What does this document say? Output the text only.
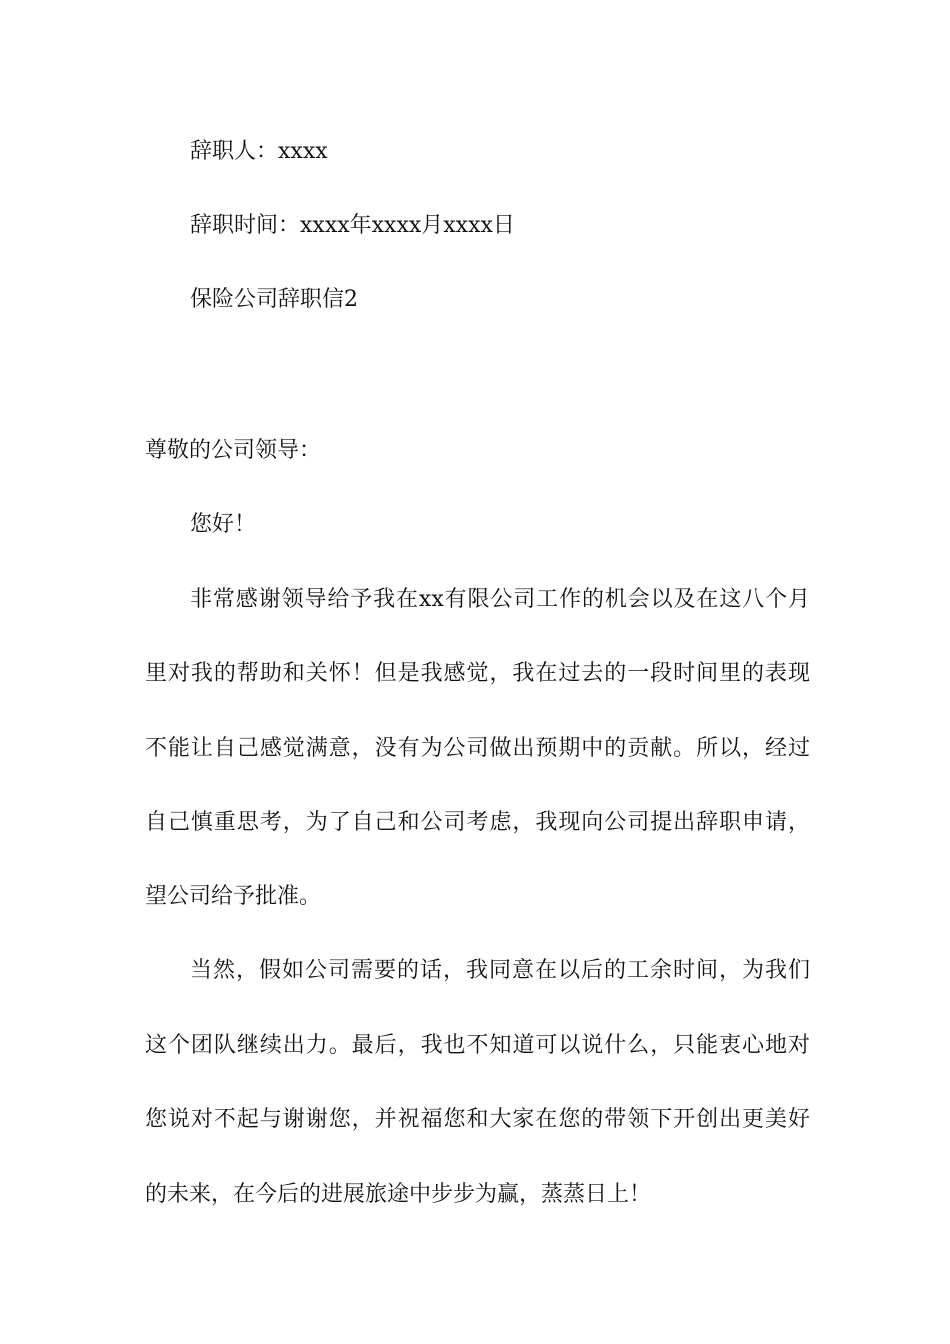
辞职人：xxxx
辞职时间：xxxx年xxxx月xxxx日
保险公司辞职信2
尊敬的公司领导：
您好！
非常感谢领导给予我在xx有限公司工作的机会以及在这八个月
里对我的帮助和关怀！但是我感觉，我在过去的一段时间里的表现
不能让自己感觉满意，没有为公司做出预期中的贡献。所以，经过
自己慎重思考，为了自己和公司考虑，我现向公司提出辞职申请，
望公司给予批准。
当然，假如公司需要的话，我同意在以后的工余时间，为我们
这个团队继续出力。最后，我也不知道可以说什么，只能衷心地对
您说对不起与谢谢您，并祝福您和大家在您的带领下开创出更美好
的未来，在今后的进展旅途中步步为赢，蒸蒸日上！
